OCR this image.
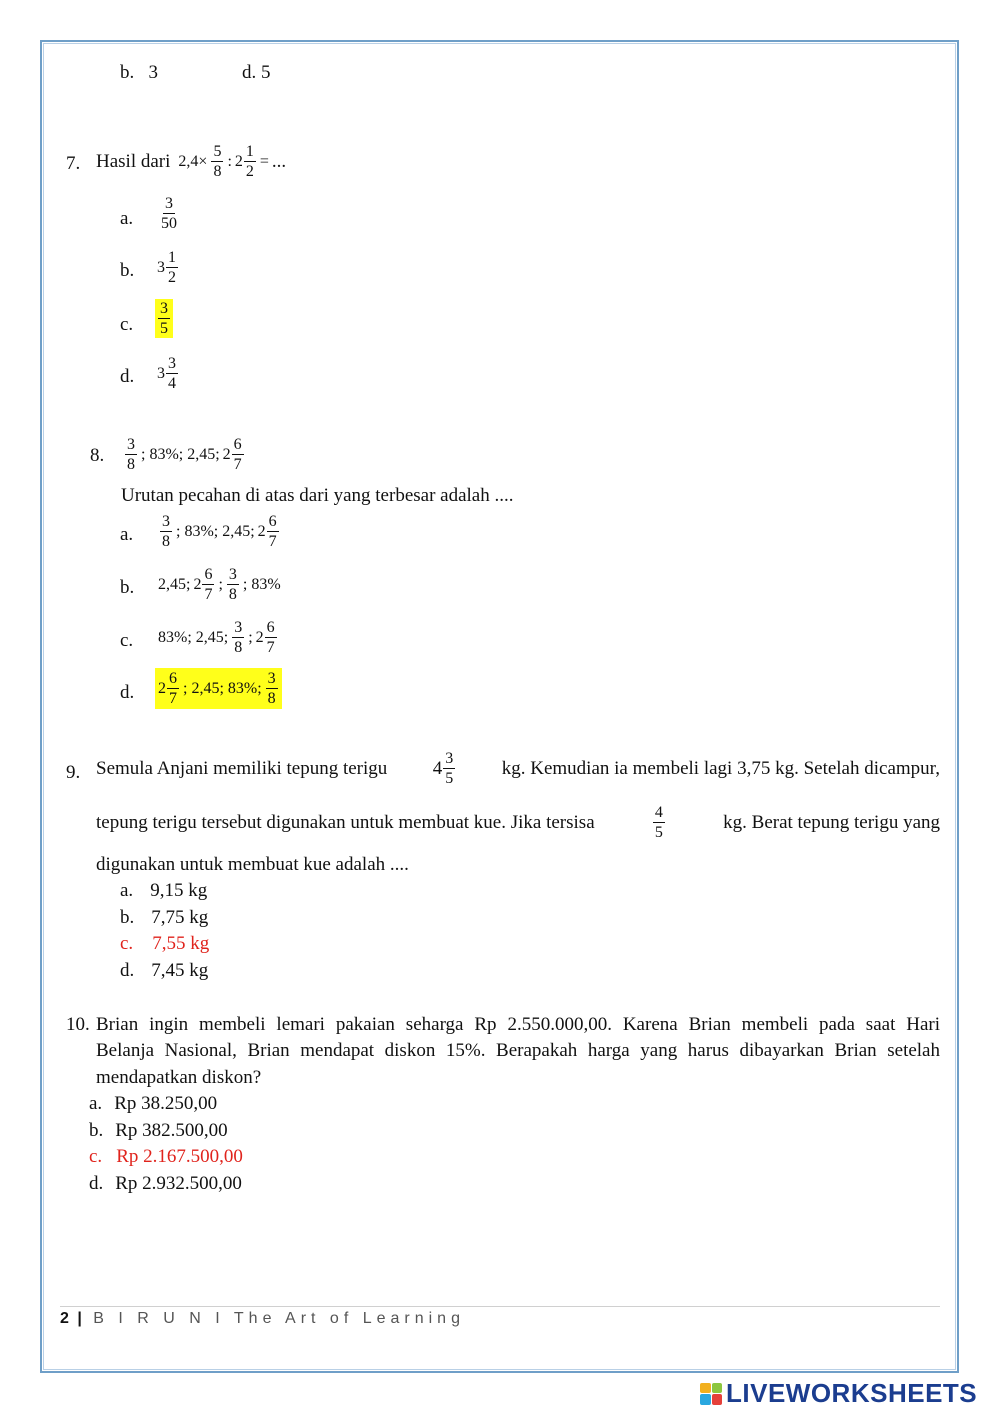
b. 3	d. 5
7. Hasil dari $2,4\times \frac{5}{8}$ : $2 \frac{1}{2}$ = ...
a. $\frac{3}{50}$
b. $3 \frac{1}{2}$
c. $\frac{3}{5}$
d. $3 \frac{3}{4}$
8. $\frac{3}{8}$ ; 83%; 2,45; $2 \frac{6}{7}$
Urutan pecahan di atas dari yang terbesar adalah ....
a. $\frac{3}{8}$ ; 83%; 2,45; $2 \frac{6}{7}$
b. 2,45; $2 \frac{6}{7}$ ; $\frac{3}{8}$ ; 83%
c. 83%; 2,45; $\frac{3}{8}$ ; $2 \frac{6}{7}$
d. $2 \frac{6}{7}$ ; 2,45; 83%; $\frac{3}{8}$
9. Semula Anjani memiliki tepung terigu $4 \frac{3}{5}$ kg. Kemudian ia membeli lagi 3,75 kg. Setelah dicampur,
tepung terigu tersebut digunakan untuk membuat kue. Jika tersisa	$\frac{4}{5}$	kg. Berat tepung terigu yang
digunakan untuk membuat kue adalah ....
a. 9,15 kg
b. 7,75 kg
c. 7,55 kg
d. 7,45 kg
10. Brian ingin membeli lemari pakaian seharga Rp 2.550.000,00. Karena Brian membeli pada saat Hari
Belanja Nasional, Brian mendapat diskon 15%. Berapakah harga yang harus dibayarkan Brian setelah
mendapatkan diskon?
a. Rp 38.250,00
b. Rp 382.500,00
c. Rp 2.167.500,00
d. Rp 2.932.500,00
2 | B I R U N I The Art of Learning
LIVEWORKSHEETS
